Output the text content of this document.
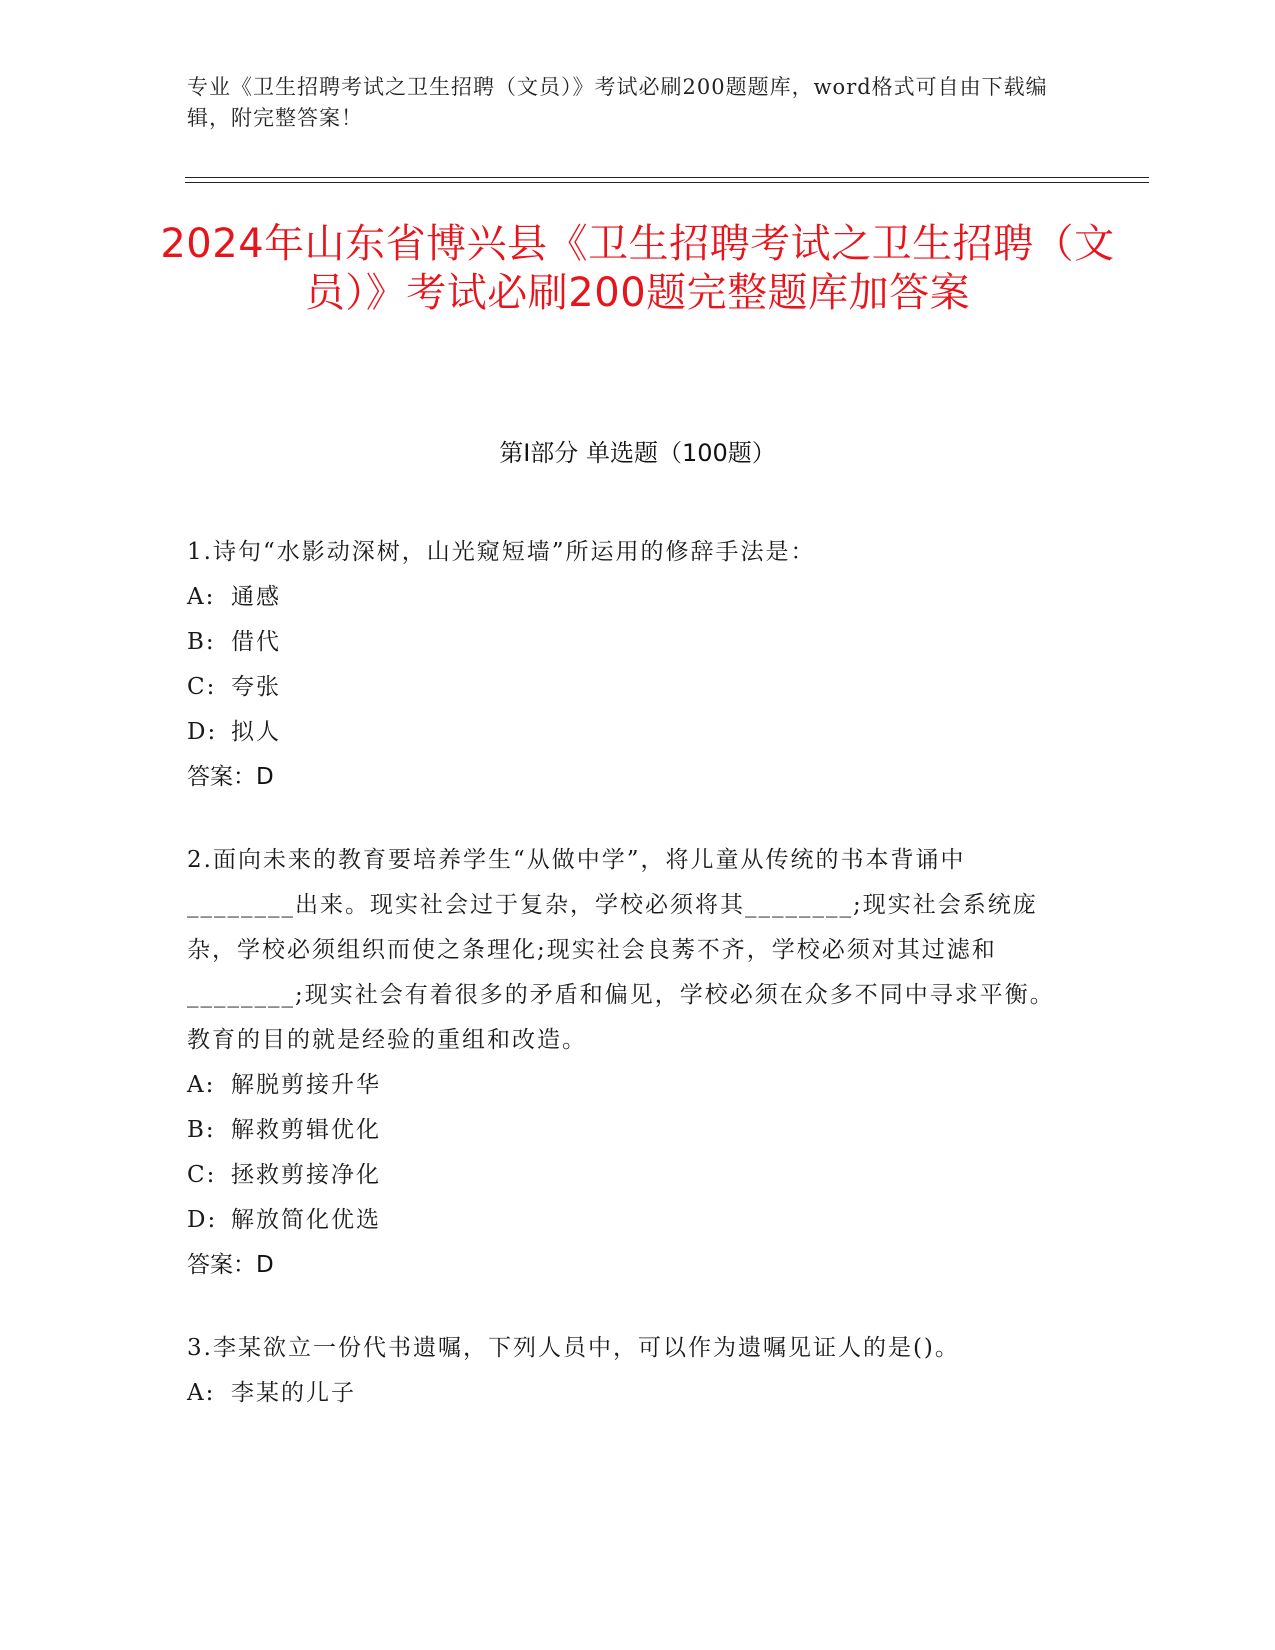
专业《卫生招聘考试之卫生招聘（文员）》考试必刷200题题库，word格式可自由下载编辑，附完整答案！
2024年山东省博兴县《卫生招聘考试之卫生招聘（文员）》考试必刷200题完整题库加答案
第I部分 单选题（100题）

1.诗句“水影动深树，山光窥短墙”所运用的修辞手法是：

A: 通感

B: 借代

C: 夸张

D: 拟人

答案：D

2.面向未来的教育要培养学生“从做中学”，将儿童从传统的书本背诵中________出来。现实社会过于复杂，学校必须将其________;现实社会系统庞杂，学校必须组织而使之条理化;现实社会良莠不齐，学校必须对其过滤和________;现实社会有着很多的矛盾和偏见，学校必须在众多不同中寻求平衡。教育的目的就是经验的重组和改造。

A: 解脱剪接升华

B: 解救剪辑优化

C: 拯救剪接净化

D: 解放简化优选

答案：D

3.李某欲立一份代书遗嘱，下列人员中，可以作为遗嘱见证人的是()。

A: 李某的儿子
